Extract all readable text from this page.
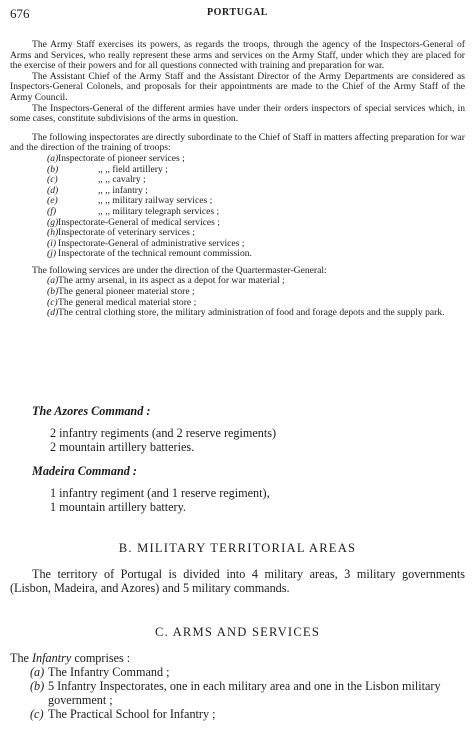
676	PORTUGAL

The Army Staff exercises its powers, as regards the troops, through the agency of the Inspectors-General of Arms and Services, who really represent these arms and services on the Army Staff, under which they are placed for the exercise of their powers and for all questions connected with training and preparation for war.

The Assistant Chief of the Army Staff and the Assistant Director of the Army Departments are considered as Inspectors-General Colonels, and proposals for their appointments are made to the Chief of the Army Staff of the Army Council.

The Inspectors-General of the different armies have under their orders inspectors of special services which, in some cases, constitute subdivisions of the arms in question.

The following inspectorates are directly subordinate to the Chief of Staff in matters affecting preparation for war and the direction of the training of troops:

(a) Inspectorate of pioneer services ;
(b)	,, ,, field artillery ;
(c)	,, ,, cavalry ;
(d)	,, ,, infantry ;
(e)	,, ,, military railway services ;
(f)	,, ,, military telegraph services ;
(g) Inspectorate-General of medical services ;
(h) Inspectorate of veterinary services ;
(i) Inspectorate-General of administrative services ;
(j) Inspectorate of the technical remount commission.

The following services are under the direction of the Quartermaster-General:

(a) The army arsenal, in its aspect as a depot for war material ;
(b) The general pioneer material store ;
(c) The general medical material store ;
(d) The central clothing store, the military administration of food and forage depots and the supply park.
The Azores Command :
2 infantry regiments (and 2 reserve regiments)
2 mountain artillery batteries.
Madeira Command :
1 infantry regiment (and 1 reserve regiment),
1 mountain artillery battery.
B. MILITARY TERRITORIAL AREAS

The territory of Portugal is divided into 4 military areas, 3 military governments (Lisbon, Madeira, and Azores) and 5 military commands.

C. ARMS AND SERVICES
The Infantry comprises :
(a) The Infantry Command ;
(b) 5 Infantry Inspectorates, one in each military area and one in the Lisbon military government ;
(c) The Practical School for Infantry ;
